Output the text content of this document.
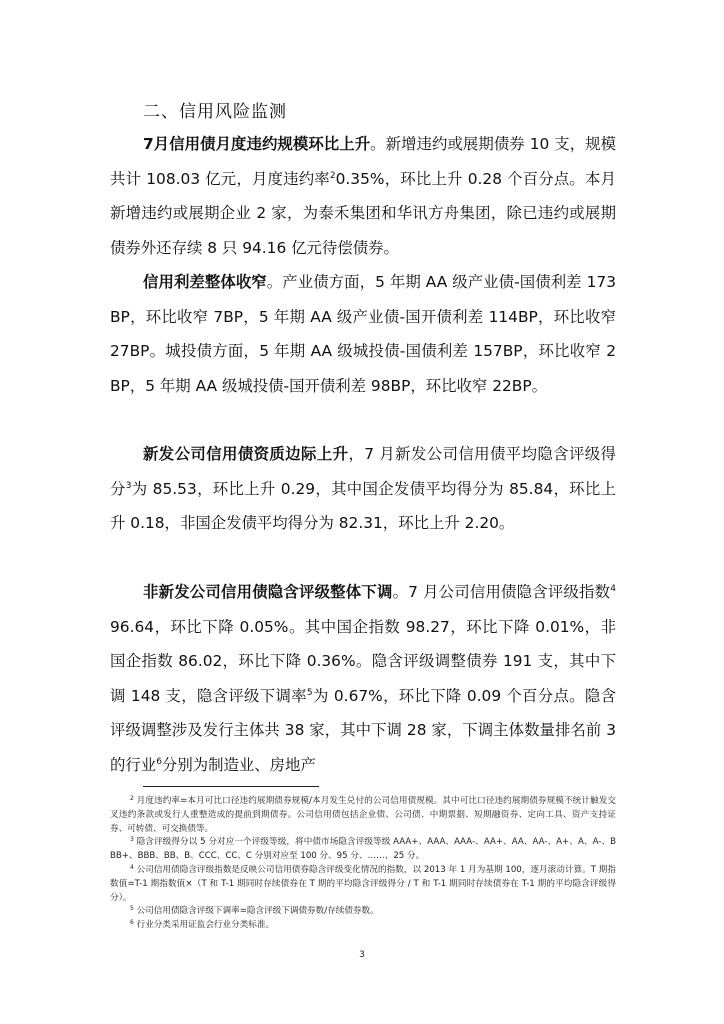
二、信用风险监测

7月信用债月度违约规模环比上升。新增违约或展期债券 10 支，规模共计 108.03 亿元，月度违约率$^2$0.35%，环比上升 0.28 个百分点。本月新增违约或展期企业 2 家，为泰禾集团和华讯方舟集团，除已违约或展期债券外还存续 8 只 94.16 亿元待偿债券。

信用利差整体收窄。产业债方面，5 年期 AA 级产业债-国债利差 173BP，环比收窄 7BP，5 年期 AA 级产业债-国开债利差 114BP，环比收窄 27BP。城投债方面，5 年期 AA 级城投债-国债利差 157BP，环比收窄 2BP，5 年期 AA 级城投债-国开债利差 98BP，环比收窄 22BP。

新发公司信用债资质边际上升，7 月新发公司信用债平均隐含评级得分$^3$为 85.53，环比上升 0.29，其中国企发债平均得分为 85.84，环比上升 0.18，非国企发债平均得分为 82.31，环比上升 2.20。

非新发公司信用债隐含评级整体下调。7 月公司信用债隐含评级指数$^4$96.64，环比下降 0.05%。其中国企指数 98.27，环比下降 0.01%，非国企指数 86.02，环比下降 0.36%。隐含评级调整债券 191 支，其中下调 148 支，隐含评级下调率$^5$为 0.67%，环比下降 0.09 个百分点。隐含评级调整涉及发行主体共 38 家，其中下调 28 家，下调主体数量排名前 3 的行业$^6$分别为制造业、房地产

$^2$ 月度违约率=本月可比口径违约展期债券规模/本月发生兑付的公司信用债规模。其中可比口径违约展期债券规模不统计触发交叉违约条款或发行人重整造成的提前到期债券。公司信用债包括企业债、公司债、中期票据、短期融资券、定向工具、资产支持证券、可转债、可交换债等。

$^3$ 隐含评级得分以 5 分对应一个评级等级，将中债市场隐含评级等级 AAA+、AAA、AAA-、AA+、AA、AA-、A+、A、A-、BBB+、BBB、BB、B、CCC、CC、C 分别对应至 100 分、95 分、……、25 分。

$^4$ 公司信用债隐含评级指数是反映公司信用债券隐含评级变化情况的指数，以 2013 年 1 月为基期 100，逐月滚动计算。T 期指数值=T-1 期指数值×（T 和 T-1 期同时存续债券在 T 期的平均隐含评级得分 / T 和 T-1 期同时存续债券在 T-1 期的平均隐含评级得分）。

$^5$ 公司信用债隐含评级下调率=隐含评级下调债券数/存续债券数。

$^6$ 行业分类采用证监会行业分类标准。

3
